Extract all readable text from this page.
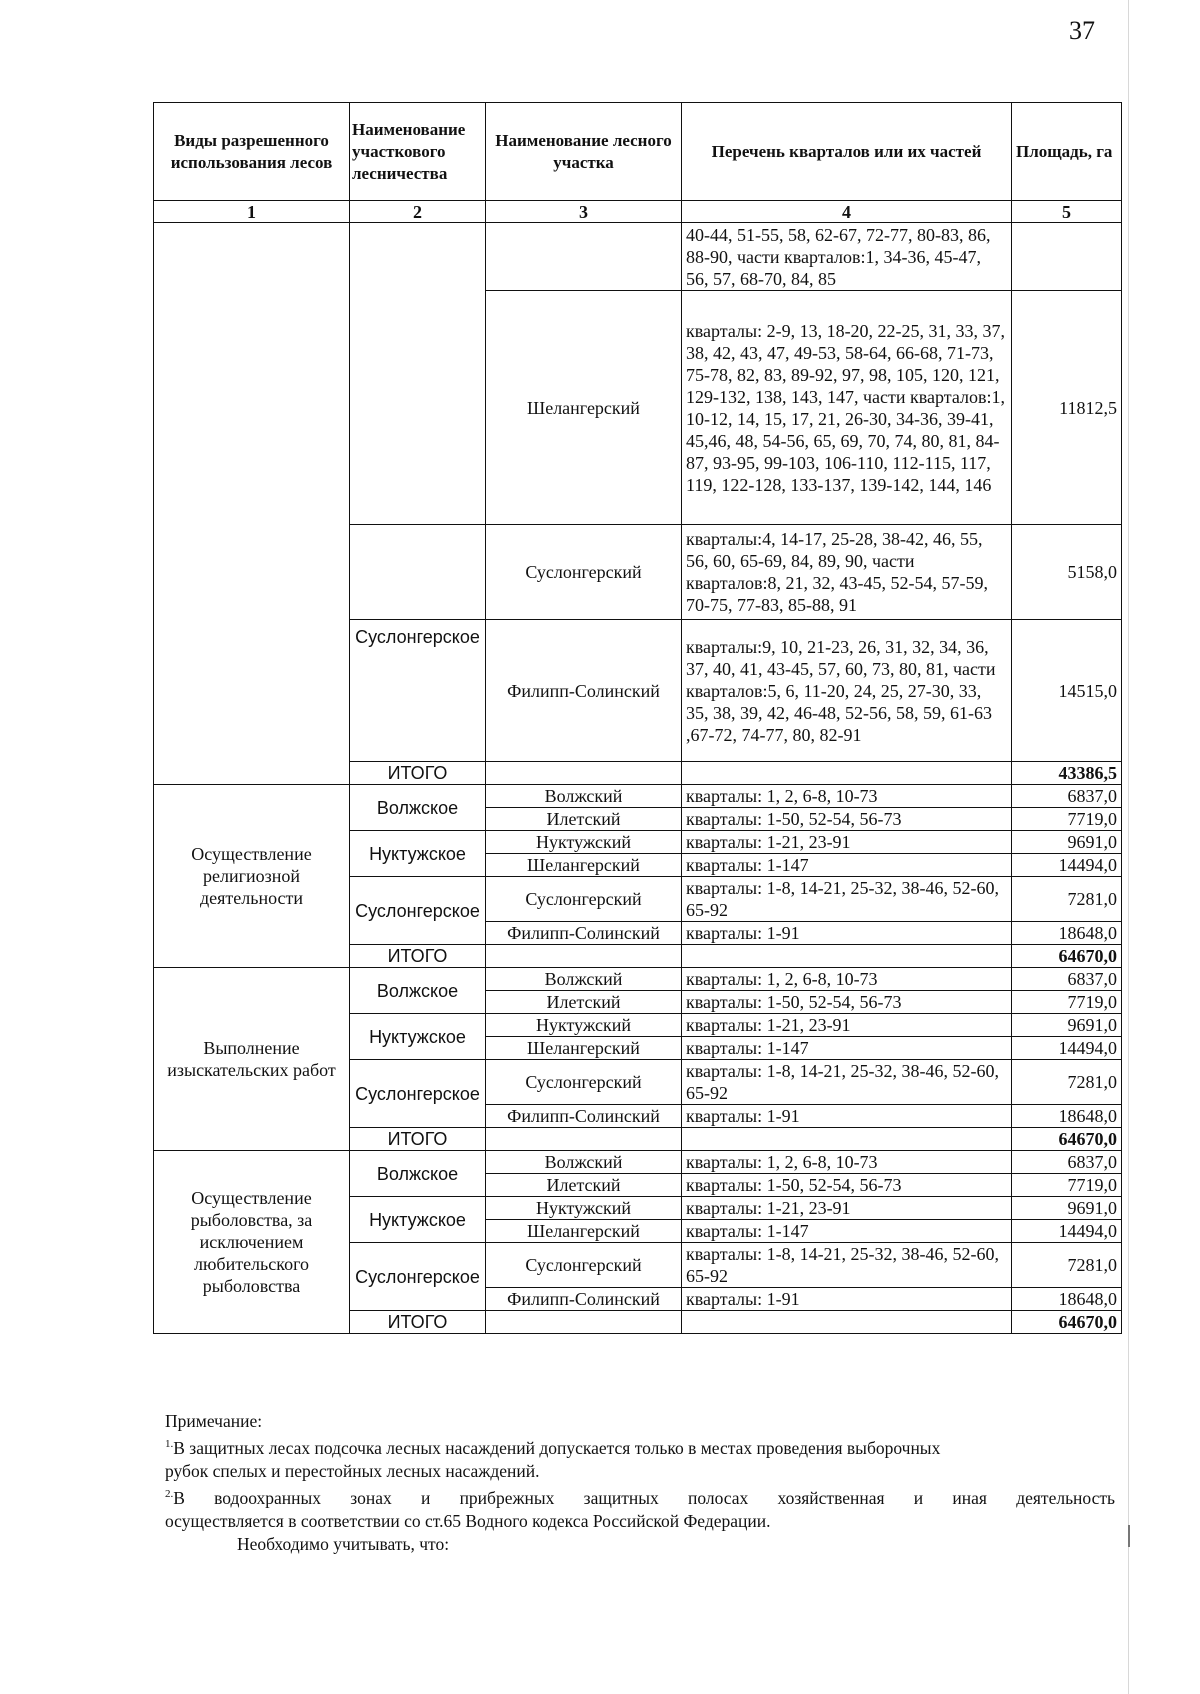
37
Виды разрешенного использования лесов	Наименование участкового лесничества	Наименование лесного участка	Перечень кварталов или их частей	Площадь, га
1	2	3	4	5
			40-44, 51-55, 58, 62-67, 72-77, 80-83, 86, 88-90, части кварталов:1, 34-36, 45-47, 56, 57, 68-70, 84, 85	
		Шелангерский	кварталы: 2-9, 13, 18-20, 22-25, 31, 33, 37, 38, 42, 43, 47, 49-53, 58-64, 66-68, 71-73, 75-78, 82, 83, 89-92, 97, 98, 105, 120, 121, 129-132, 138, 143, 147, части кварталов:1, 10-12, 14, 15, 17, 21, 26-30, 34-36, 39-41, 45,46, 48, 54-56, 65, 69, 70, 74, 80, 81, 84-87, 93-95, 99-103, 106-110, 112-115, 117, 119, 122-128, 133-137, 139-142, 144, 146	11812,5
		Суслонгерский	кварталы:4, 14-17, 25-28, 38-42, 46, 55, 56, 60, 65-69, 84, 89, 90, части кварталов:8, 21, 32, 43-45, 52-54, 57-59, 70-75, 77-83, 85-88, 91	5158,0
	Суслонгерское	Филипп-Солинский	кварталы:9, 10, 21-23, 26, 31, 32, 34, 36, 37, 40, 41, 43-45, 57, 60, 73, 80, 81, части кварталов:5, 6, 11-20, 24, 25, 27-30, 33, 35, 38, 39, 42, 46-48, 52-56, 58, 59, 61-63 ,67-72, 74-77, 80, 82-91	14515,0
	ИТОГО			43386,5
Осуществление религиозной деятельности	Волжское	Волжский	кварталы: 1, 2, 6-8, 10-73	6837,0
		Илетский	кварталы: 1-50, 52-54, 56-73	7719,0
	Нуктужское	Нуктужский	кварталы: 1-21, 23-91	9691,0
		Шелангерский	кварталы: 1-147	14494,0
	Суслонгерское	Суслонгерский	кварталы: 1-8, 14-21, 25-32, 38-46, 52-60, 65-92	7281,0
		Филипп-Солинский	кварталы: 1-91	18648,0
	ИТОГО			64670,0
Выполнение изыскательских работ	Волжское	Волжский	кварталы: 1, 2, 6-8, 10-73	6837,0
		Илетский	кварталы: 1-50, 52-54, 56-73	7719,0
	Нуктужское	Нуктужский	кварталы: 1-21, 23-91	9691,0
		Шелангерский	кварталы: 1-147	14494,0
	Суслонгерское	Суслонгерский	кварталы: 1-8, 14-21, 25-32, 38-46, 52-60, 65-92	7281,0
		Филипп-Солинский	кварталы: 1-91	18648,0
	ИТОГО			64670,0
Осуществление рыболовства, за исключением любительского рыболовства	Волжское	Волжский	кварталы: 1, 2, 6-8, 10-73	6837,0
		Илетский	кварталы: 1-50, 52-54, 56-73	7719,0
	Нуктужское	Нуктужский	кварталы: 1-21, 23-91	9691,0
		Шелангерский	кварталы: 1-147	14494,0
	Суслонгерское	Суслонгерский	кварталы: 1-8, 14-21, 25-32, 38-46, 52-60, 65-92	7281,0
		Филипп-Солинский	кварталы: 1-91	18648,0
	ИТОГО			64670,0

Примечание:

$^{1.}$В защитных лесах подсочка лесных насаждений допускается только в местах проведения выборочных

рубок спелых и перестойных лесных насаждений.

$^{2.}$В водоохранных зонах и прибрежных защитных полосах хозяйственная и иная деятельность

осуществляется в соответствии со ст.65 Водного кодекса Российской Федерации.

Необходимо учитывать, что:
